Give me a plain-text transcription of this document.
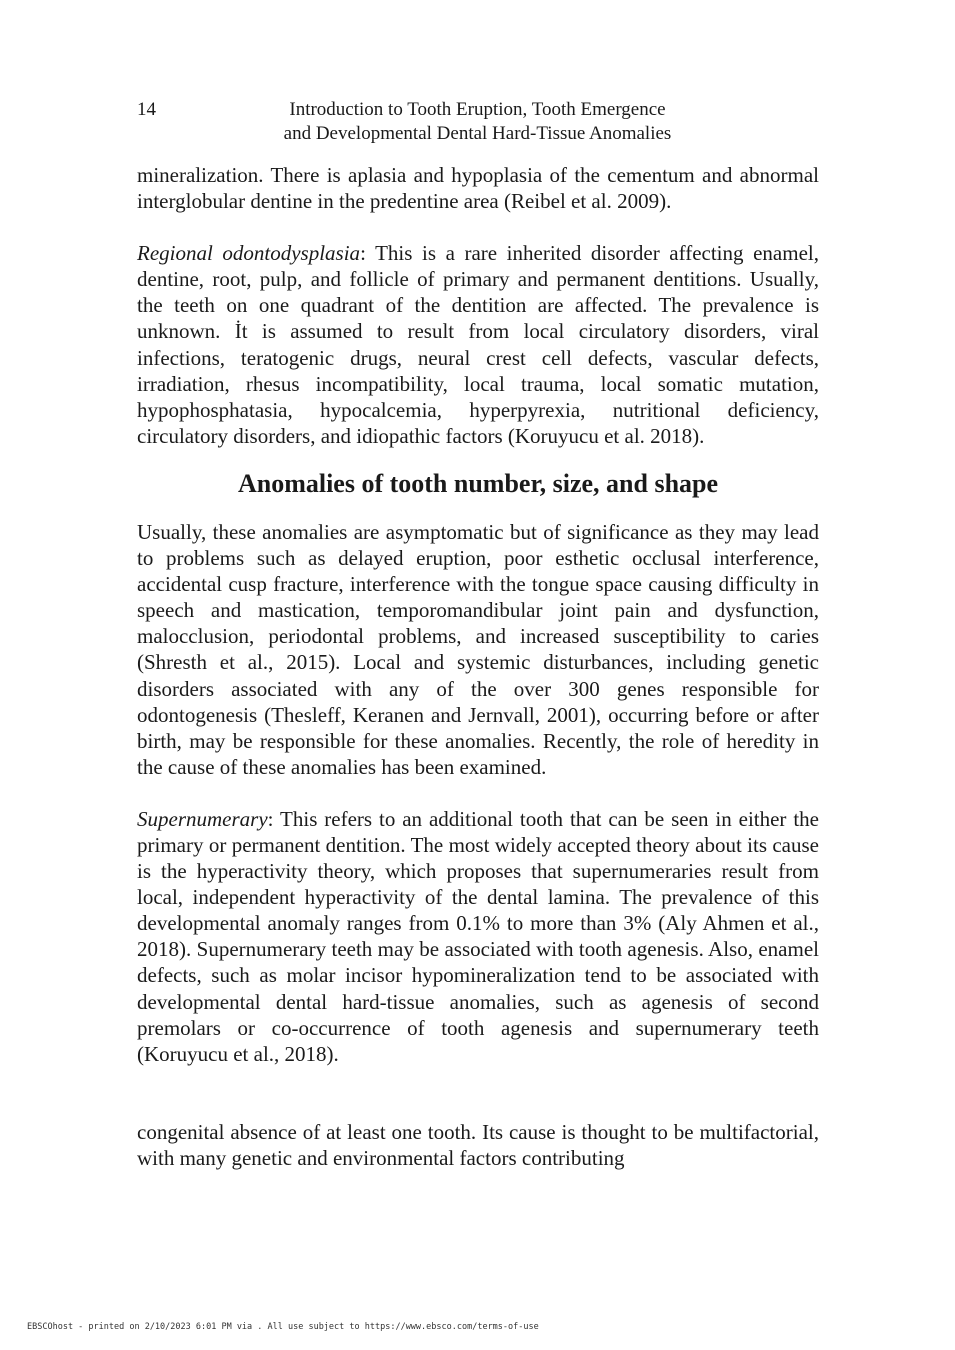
14	Introduction to Tooth Eruption, Tooth Emergence
and Developmental Dental Hard-Tissue Anomalies

mineralization. There is aplasia and hypoplasia of the cementum and abnormal interglobular dentine in the predentine area (Reibel et al. 2009).

Regional odontodysplasia: This is a rare inherited disorder affecting enamel, dentine, root, pulp, and follicle of primary and permanent dentitions. Usually, the teeth on one quadrant of the dentition are affected. The prevalence is unknown. İt is assumed to result from local circulatory disorders, viral infections, teratogenic drugs, neural crest cell defects, vascular defects, irradiation, rhesus incompatibility, local trauma, local somatic mutation, hypophosphatasia, hypocalcemia, hyperpyrexia, nutritional deficiency, circulatory disorders, and idiopathic factors (Koruyucu et al. 2018).

Anomalies of tooth number, size, and shape

Usually, these anomalies are asymptomatic but of significance as they may lead to problems such as delayed eruption, poor esthetic occlusal interference, accidental cusp fracture, interference with the tongue space causing difficulty in speech and mastication, temporomandibular joint pain and dysfunction, malocclusion, periodontal problems, and increased susceptibility to caries (Shresth et al., 2015). Local and systemic disturbances, including genetic disorders associated with any of the over 300 genes responsible for odontogenesis (Thesleff, Keranen and Jernvall, 2001), occurring before or after birth, may be responsible for these anomalies. Recently, the role of heredity in the cause of these anomalies has been examined.

Supernumerary: This refers to an additional tooth that can be seen in either the primary or permanent dentition. The most widely accepted theory about its cause is the hyperactivity theory, which proposes that supernumeraries result from local, independent hyperactivity of the dental lamina. The prevalence of this developmental anomaly ranges from 0.1% to more than 3% (Aly Ahmen et al., 2018). Supernumerary teeth may be associated with tooth agenesis. Also, enamel defects, such as molar incisor hypomineralization tend to be associated with developmental dental hard-tissue anomalies, such as agenesis of second premolars or co-occurrence of tooth agenesis and supernumerary teeth (Koruyucu et al., 2018).

congenital absence of at least one tooth. Its cause is thought to be multifactorial, with many genetic and environmental factors contributing

EBSCOhost - printed on 2/10/2023 6:01 PM via . All use subject to https://www.ebsco.com/terms-of-use
